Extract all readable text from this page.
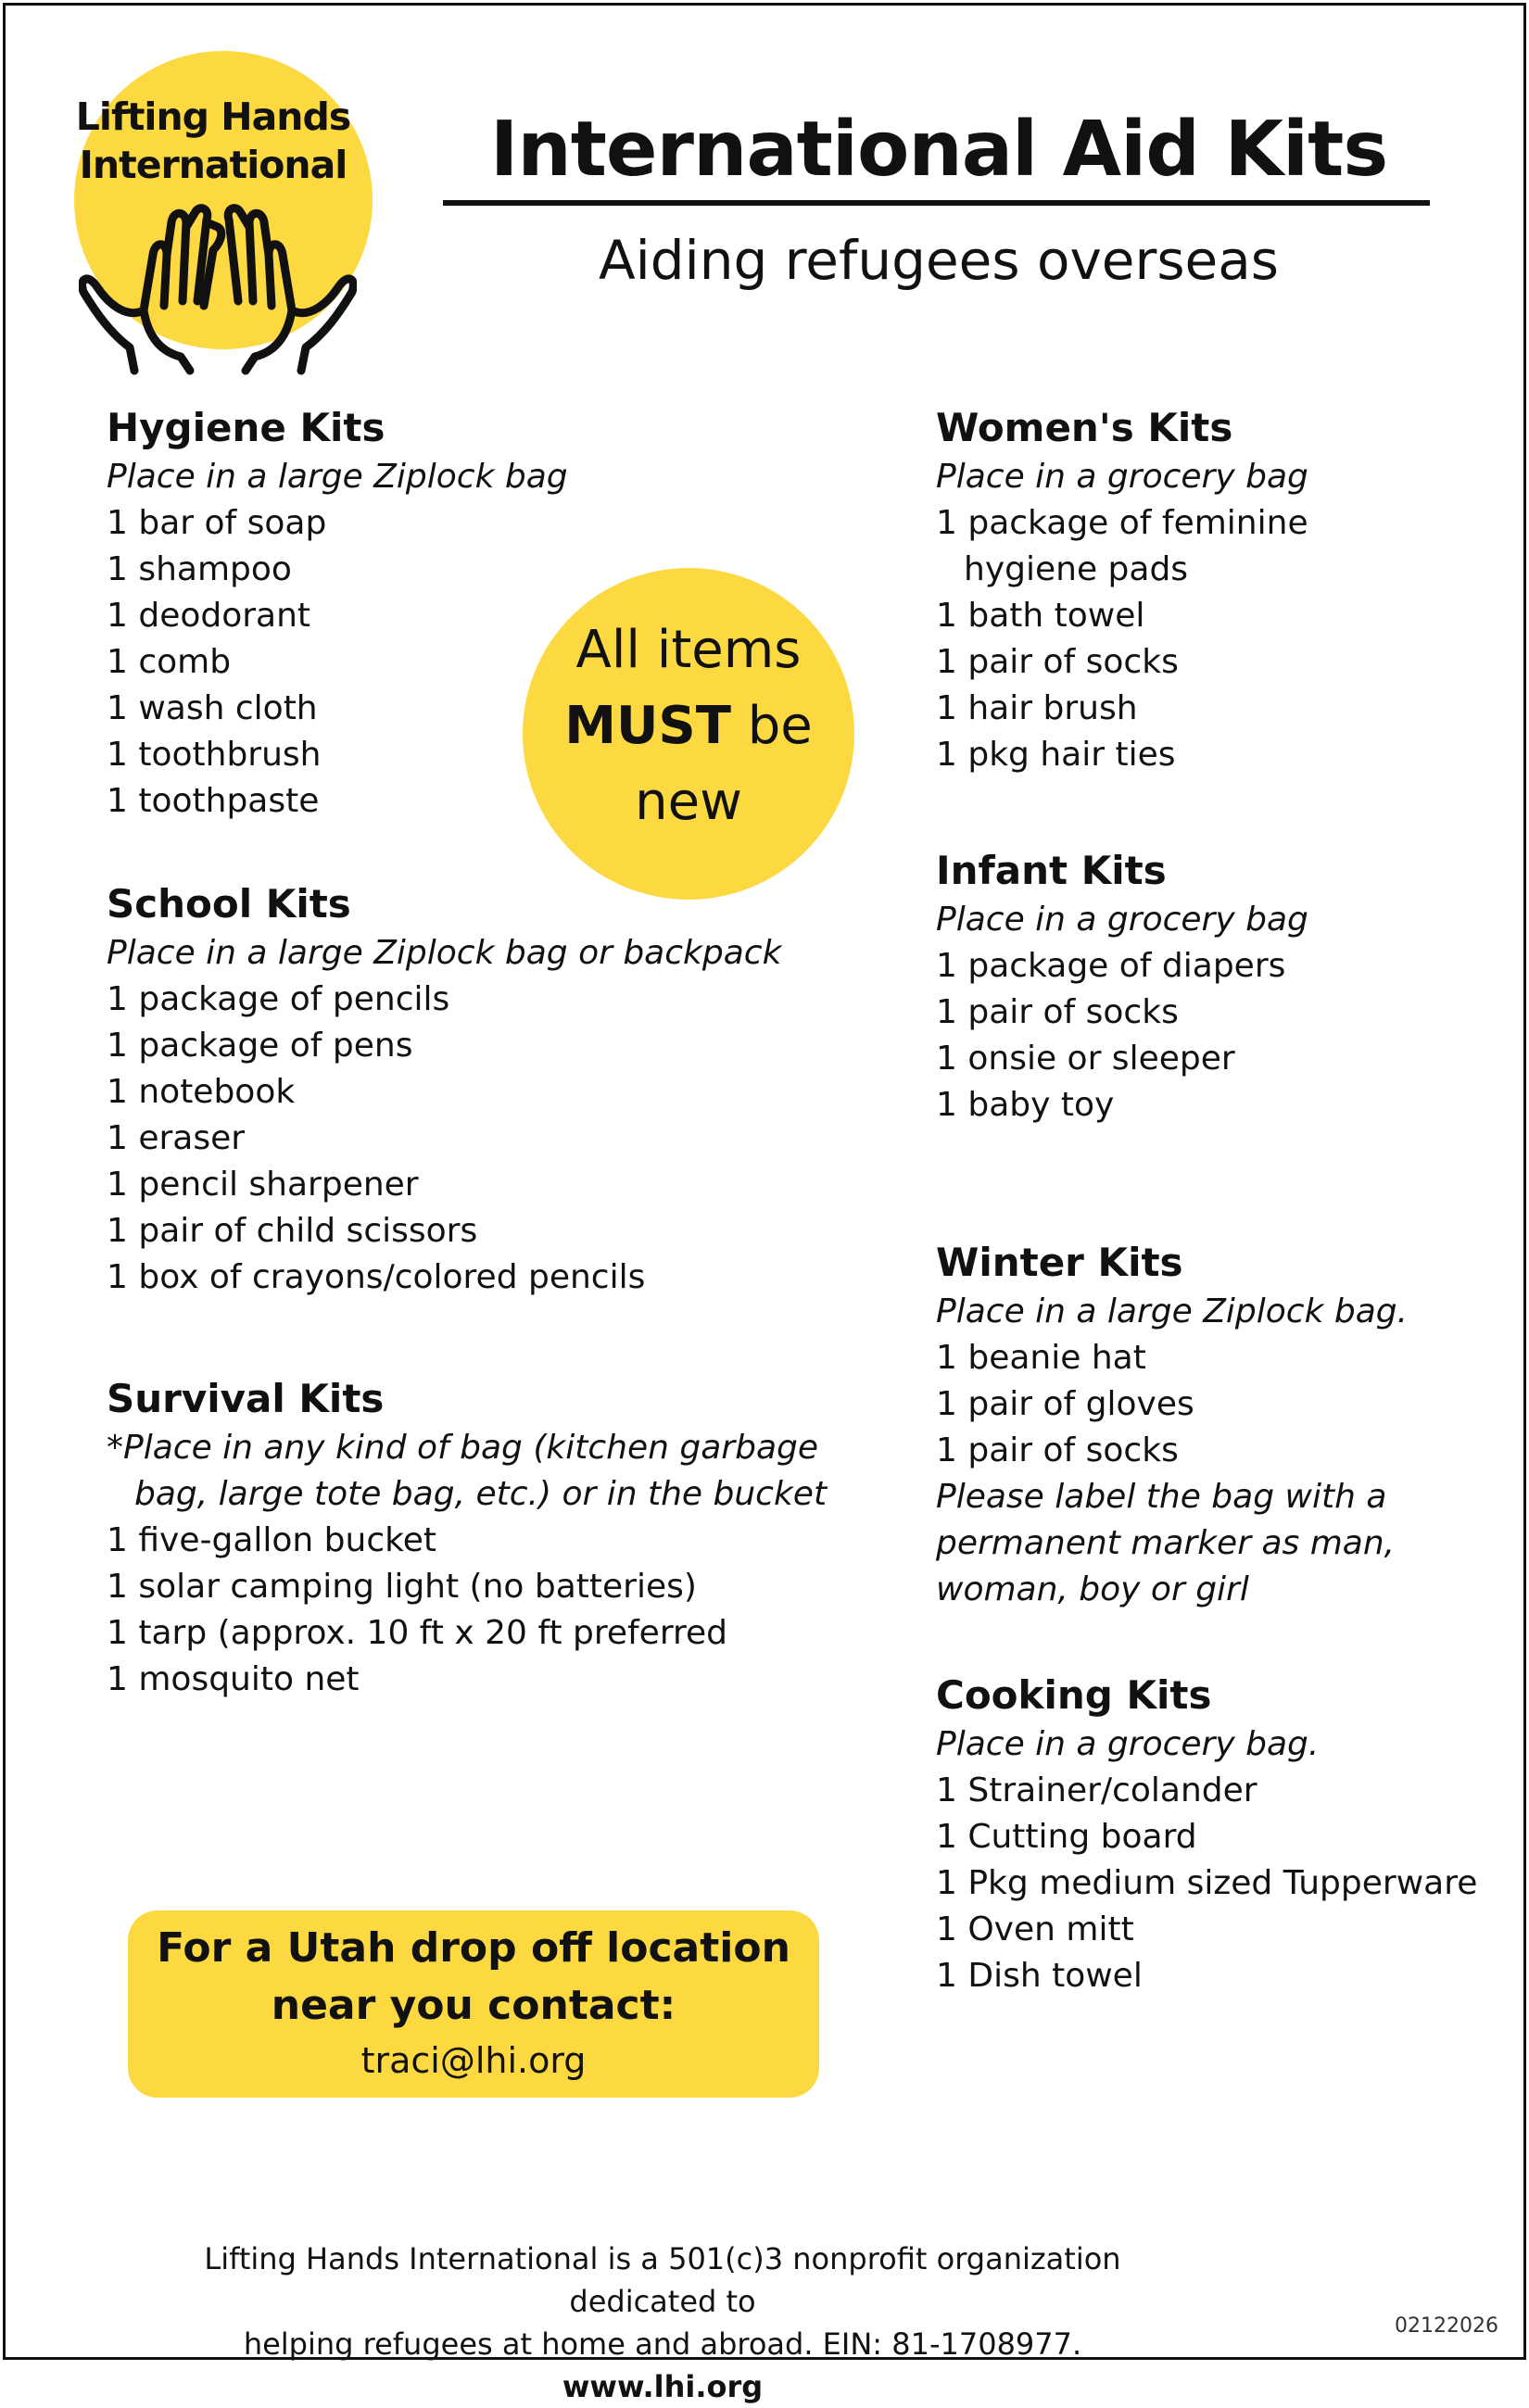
Lifting Hands
International	International Aid Kits
Aiding refugees overseas
Hygiene Kits
Place in a large Ziplock bag
1 bar of soap
1 shampoo
1 deodorant
1 comb
1 wash cloth
1 toothbrush
1 toothpaste
All items
MUST be
new
School Kits
Place in a large Ziplock bag or backpack
1 package of pencils
1 package of pens
1 notebook
1 eraser
1 pencil sharpener
1 pair of child scissors
1 box of crayons/colored pencils
Survival Kits
*Place in any kind of bag (kitchen garbage
bag, large tote bag, etc.) or in the bucket
1 five-gallon bucket
1 solar camping light (no batteries)
1 tarp (approx. 10 ft x 20 ft preferred
1 mosquito net
Women's Kits
Place in a grocery bag
1 package of feminine
hygiene pads
1 bath towel
1 pair of socks
1 hair brush
1 pkg hair ties
Infant Kits
Place in a grocery bag
1 package of diapers
1 pair of socks
1 onsie or sleeper
1 baby toy
Winter Kits
Place in a large Ziplock bag.
1 beanie hat
1 pair of gloves
1 pair of socks
Please label the bag with a
permanent marker as man,
woman, boy or girl
Cooking Kits
Place in a grocery bag.
1 Strainer/colander
1 Cutting board
1 Pkg medium sized Tupperware
1 Oven mitt
1 Dish towel
For a Utah drop off location
near you contact:
traci@lhi.org
Lifting Hands International is a 501(c)3 nonprofit organization dedicated to
helping refugees at home and abroad. EIN: 81-1708977. www.lhi.org
02122026
